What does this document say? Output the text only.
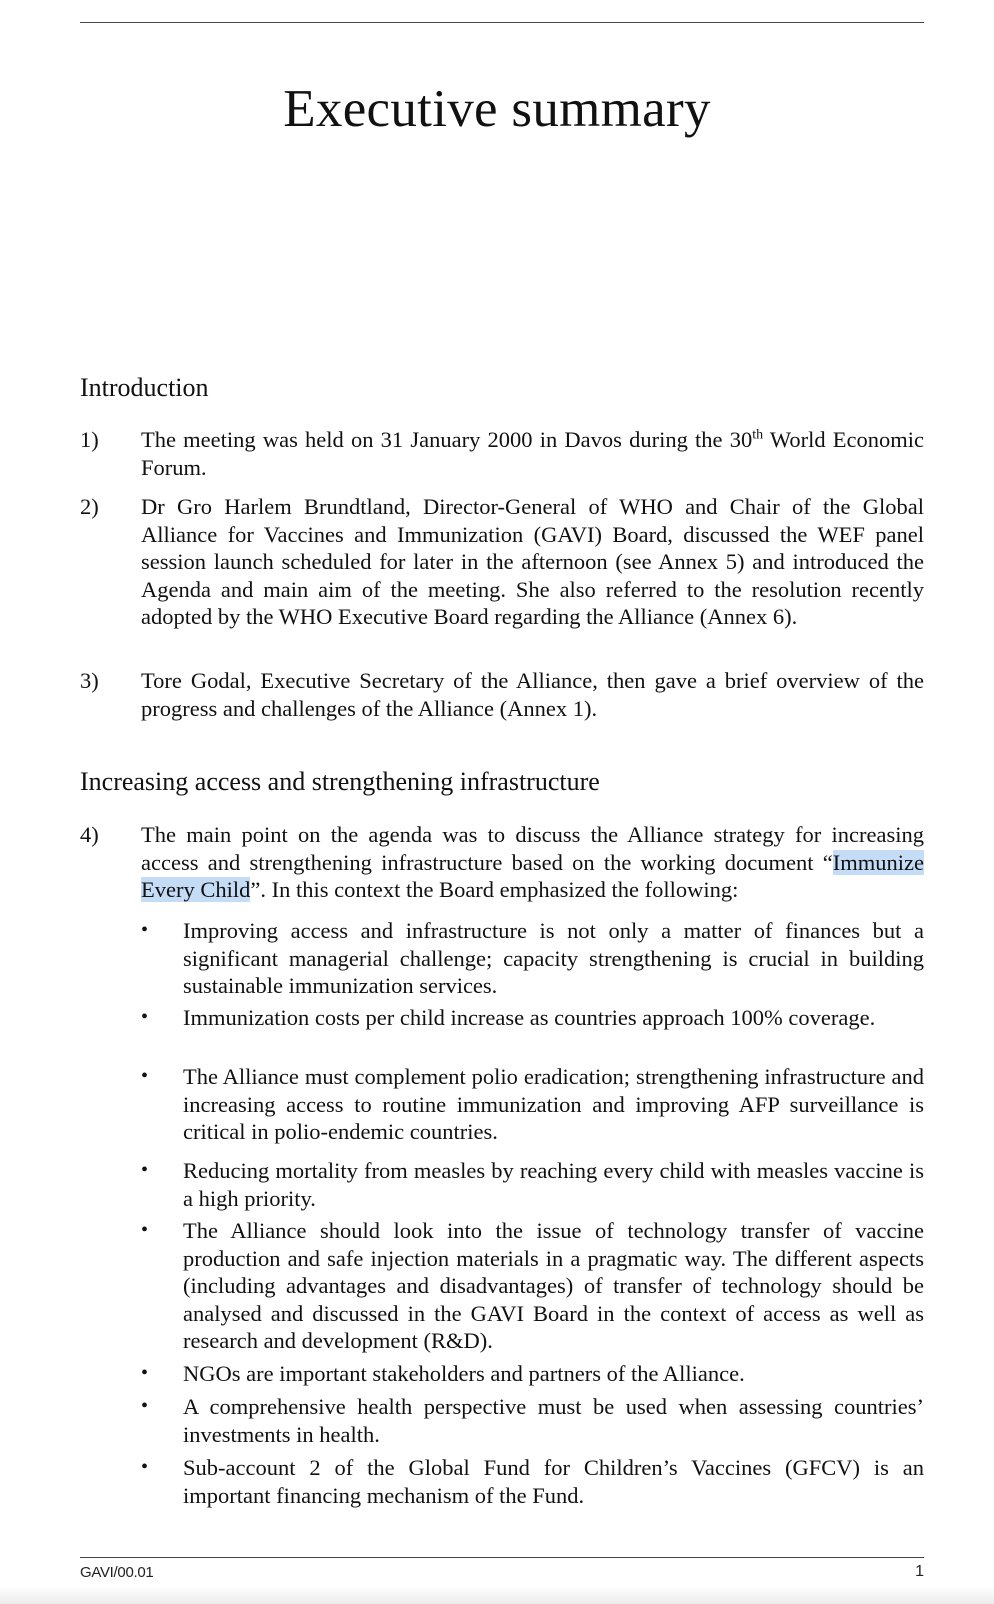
Executive summary
Introduction
1) The meeting was held on 31 January 2000 in Davos during the 30th World Economic Forum.

2) Dr Gro Harlem Brundtland, Director-General of WHO and Chair of the Global Alliance for Vaccines and Immunization (GAVI) Board, discussed the WEF panel session launch scheduled for later in the afternoon (see Annex 5) and introduced the Agenda and main aim of the meeting. She also referred to the resolution recently adopted by the WHO Executive Board regarding the Alliance (Annex 6).

3) Tore Godal, Executive Secretary of the Alliance, then gave a brief overview of the progress and challenges of the Alliance (Annex 1).

Increasing access and strengthening infrastructure
4) The main point on the agenda was to discuss the Alliance strategy for increasing access and strengthening infrastructure based on the working document “Immunize Every Child”. In this context the Board emphasized the following:

• Improving access and infrastructure is not only a matter of finances but a significant managerial challenge; capacity strengthening is crucial in building sustainable immunization services.

• Immunization costs per child increase as countries approach 100% coverage.

• The Alliance must complement polio eradication; strengthening infrastructure and increasing access to routine immunization and improving AFP surveillance is critical in polio-endemic countries.

• Reducing mortality from measles by reaching every child with measles vaccine is a high priority.

• The Alliance should look into the issue of technology transfer of vaccine production and safe injection materials in a pragmatic way. The different aspects (including advantages and disadvantages) of transfer of technology should be analysed and discussed in the GAVI Board in the context of access as well as research and development (R&D).

• NGOs are important stakeholders and partners of the Alliance.

• A comprehensive health perspective must be used when assessing countries’ investments in health.

• Sub-account 2 of the Global Fund for Children’s Vaccines (GFCV) is an important financing mechanism of the Fund.

GAVI/00.01	1
